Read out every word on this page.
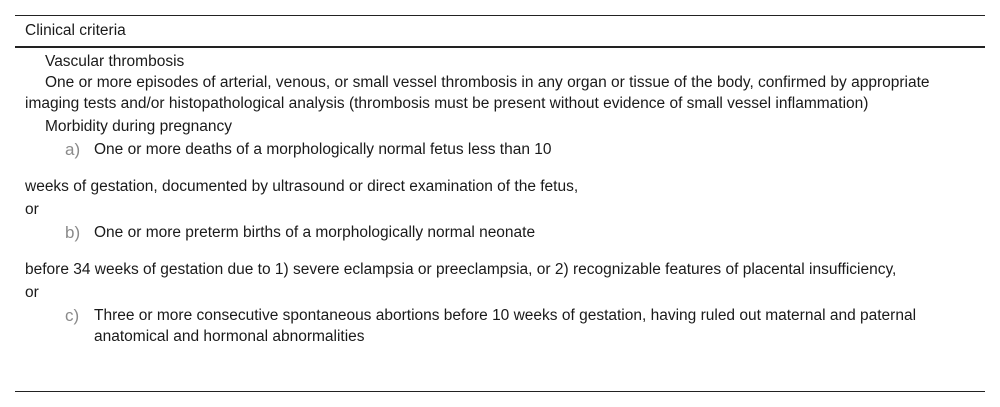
Clinical criteria

Vascular thrombosis

One or more episodes of arterial, venous, or small vessel thrombosis in any organ or tissue of the body, confirmed by appropriate imaging tests and/or histopathological analysis (thrombosis must be present without evidence of small vessel inflammation)

Morbidity during pregnancy

a) One or more deaths of a morphologically normal fetus less than 10

weeks of gestation, documented by ultrasound or direct examination of the fetus,

or

b) One or more preterm births of a morphologically normal neonate

before 34 weeks of gestation due to 1) severe eclampsia or preeclampsia, or 2) recognizable features of placental insufficiency,

or

c) Three or more consecutive spontaneous abortions before 10 weeks of gestation, having ruled out maternal and paternal anatomical and hormonal abnormalities
